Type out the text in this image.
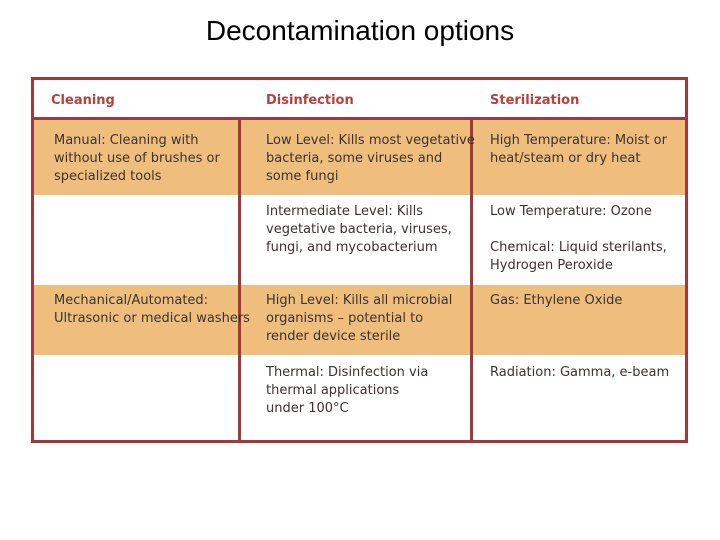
Decontamination options
Cleaning	Disinfection	Sterilization
Manual: Cleaning with
without use of brushes or
specialized tools
Low Level: Kills most vegetative
bacteria, some viruses and
some fungi
High Temperature: Moist or
heat/steam or dry heat
Intermediate Level: Kills
vegetative bacteria, viruses,
fungi, and mycobacterium
Low Temperature: Ozone
Chemical: Liquid sterilants,
Hydrogen Peroxide
Mechanical/Automated:
Ultrasonic or medical washers
High Level: Kills all microbial
organisms – potential to
render device sterile
Gas: Ethylene Oxide
Thermal: Disinfection via
thermal applications
under 100°C
Radiation: Gamma, e-beam
